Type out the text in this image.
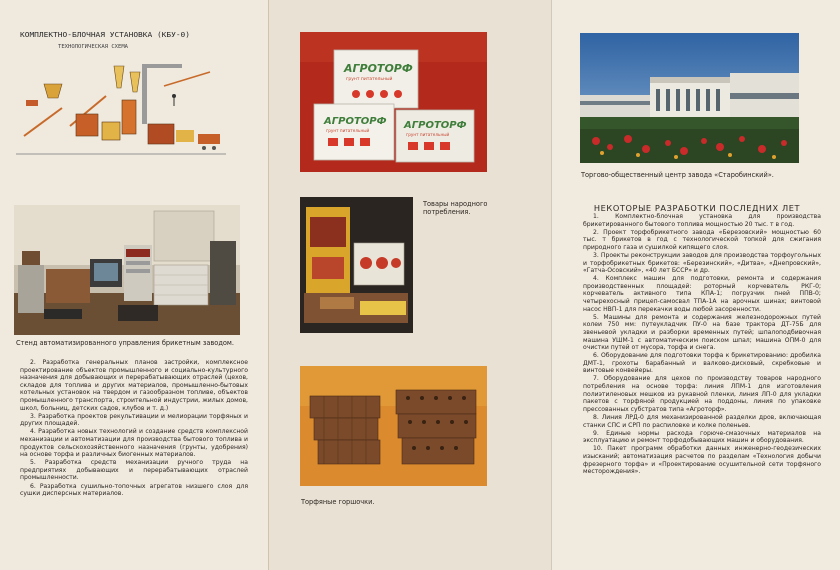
КОМПЛЕКТНО-БЛОЧНАЯ УСТАНОВКА (КБУ-0)
ТЕХНОЛОГИЧЕСКАЯ СХЕМА
Стенд автоматизированного управления брикетным заводом.

2. Разработка генеральных планов застройки, комплексное проектирование объектов промышленного и социально-культурного назначения для добывающих и перерабатывающих отраслей (цехов, складов для топлива и других материалов, промышленно-бытовых котельных установок на твердом и газообразном топливе, объектов промышленного транспорта, строительной индустрии, жилых домов, школ, больниц, детских садов, клубов и т. д.)

3. Разработка проектов рекультивации и мелиорации торфяных и других площадей.

4. Разработка новых технологий и создание средств комплексной механизации и автоматизации для производства бытового топлива и продуктов сельскохозяйственного назначения (грунты, удобрения) на основе торфа и различных биогенных материалов.

5. Разработка средств механизации ручного труда на предприятиях добывающих и перерабатывающих отраслей промышленности.

6. Разработка сушильно-топочных агрегатов низшего слоя для сушки дисперсных материалов.

АГРОТОРФ
грунт питательный
АГРОТОРФ
грунт питательный	АГРОТОРФ
грунт питательный
Товары народного потребления.
Торфяные горшочки.
Торгово-общественный центр завода «Старобинский».
НЕКОТОРЫЕ РАЗРАБОТКИ ПОСЛЕДНИХ ЛЕТ

1. Комплектно-блочная установка для производства брикетированного бытового топлива мощностью 20 тыс. т в год.

2. Проект торфобрикетного завода «Березовский» мощностью 60 тыс. т брикетов в год с технологической топкой для сжигания природного газа и сушилкой кипящего слоя.

3. Проекты реконструкции заводов для производства торфоугольных и торфобрикетных брикетов: «Березинский», «Дитва», «Днепровский», «Гатча-Осовский», «40 лет БССР» и др.

4. Комплекс машин для подготовки, ремонта и содержания производственных площадей: роторный корчеватель РКГ-0; корчеватель активного типа КПА-1; погрузчик пней ППВ-0; четырехосный прицеп-самосвал ТПА-1А на арочных шинах; винтовой насос НВП-1 для перекачки воды любой засоренности.

5. Машины для ремонта и содержания железнодорожных путей колеи 750 мм: путеукладчик ПУ-0 на базе трактора ДТ-75Б для звеньевой укладки и разборки временных путей; шпалоподбивочная машина УШМ-1 с автоматическим поиском шпал; машина ОПМ-0 для очистки путей от мусора, торфа и снега.

6. Оборудование для подготовки торфа к брикетированию: дробилка ДМТ-1, грохоты барабанный и валково-дисковый, скребковые и винтовые конвейеры.

7. Оборудование для цехов по производству товаров народного потребления на основе торфа: линия ЛПМ-1 для изготовления полиэтиленовых мешков из рукавной пленки, линия ЛП-0 для укладки пакетов с торфяной продукцией на поддоны, линия по упаковке прессованных субстратов типа «Агроторф».

8. Линия ЛРД-0 для механизированной разделки дров, включающая станки СПС и СРП по распиловке и колке поленьев.

9. Единые нормы расхода горюче-смазочных материалов на эксплуатацию и ремонт торфодобывающих машин и оборудования.

10. Пакет программ обработки данных инженерно-геодезических изысканий; автоматизация расчетов по разделам «Технология добычи фрезерного торфа» и «Проектирование осушительной сети торфяного месторождения».
